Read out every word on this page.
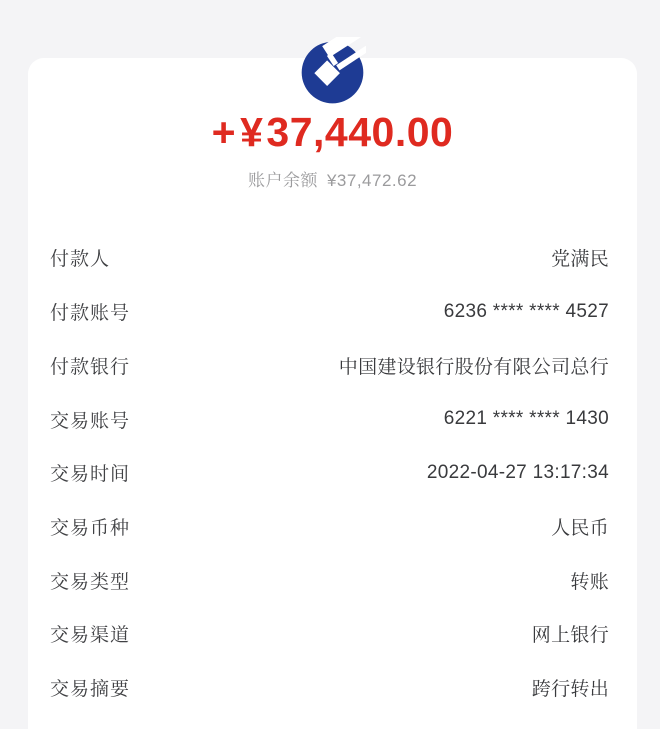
+¥37,440.00
账户余额 ¥37,472.62
付款人	党满民
付款账号	6236 **** **** 4527
付款银行	中国建设银行股份有限公司总行
交易账号	6221 **** **** 1430
交易时间	2022-04-27 13:17:34
交易币种	人民币
交易类型	转账
交易渠道	网上银行
交易摘要	跨行转出
